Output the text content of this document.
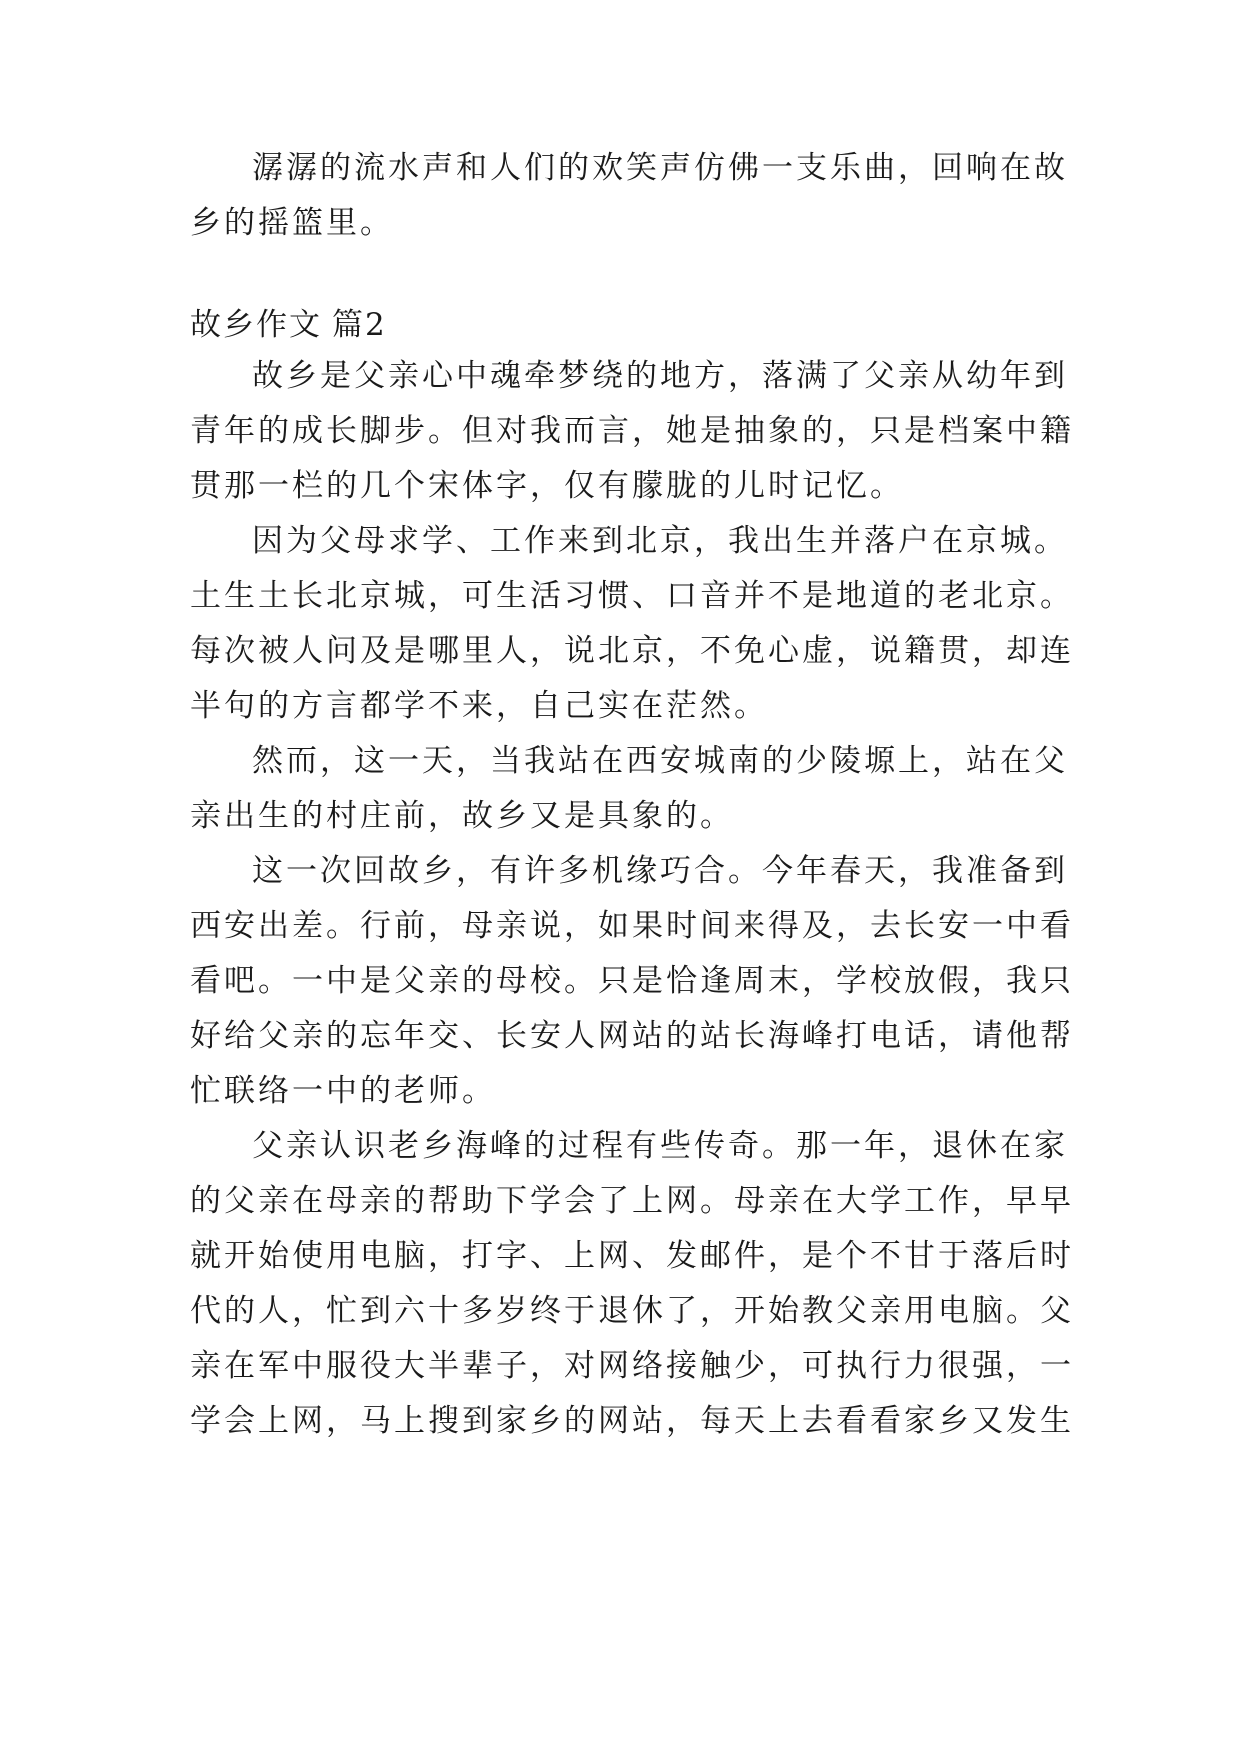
潺潺的流水声和人们的欢笑声仿佛一支乐曲，回响在故
乡的摇篮里。
故乡作文 篇2
故乡是父亲心中魂牵梦绕的地方，落满了父亲从幼年到
青年的成长脚步。但对我而言，她是抽象的，只是档案中籍
贯那一栏的几个宋体字，仅有朦胧的儿时记忆。
因为父母求学、工作来到北京，我出生并落户在京城。
土生土长北京城，可生活习惯、口音并不是地道的老北京。
每次被人问及是哪里人，说北京，不免心虚，说籍贯，却连
半句的方言都学不来，自己实在茫然。
然而，这一天，当我站在西安城南的少陵塬上，站在父
亲出生的村庄前，故乡又是具象的。
这一次回故乡，有许多机缘巧合。今年春天，我准备到
西安出差。行前，母亲说，如果时间来得及，去长安一中看
看吧。一中是父亲的母校。只是恰逢周末，学校放假，我只
好给父亲的忘年交、长安人网站的站长海峰打电话，请他帮
忙联络一中的老师。
父亲认识老乡海峰的过程有些传奇。那一年，退休在家
的父亲在母亲的帮助下学会了上网。母亲在大学工作，早早
就开始使用电脑，打字、上网、发邮件，是个不甘于落后时
代的人，忙到六十多岁终于退休了，开始教父亲用电脑。父
亲在军中服役大半辈子，对网络接触少，可执行力很强，一
学会上网，马上搜到家乡的网站，每天上去看看家乡又发生
